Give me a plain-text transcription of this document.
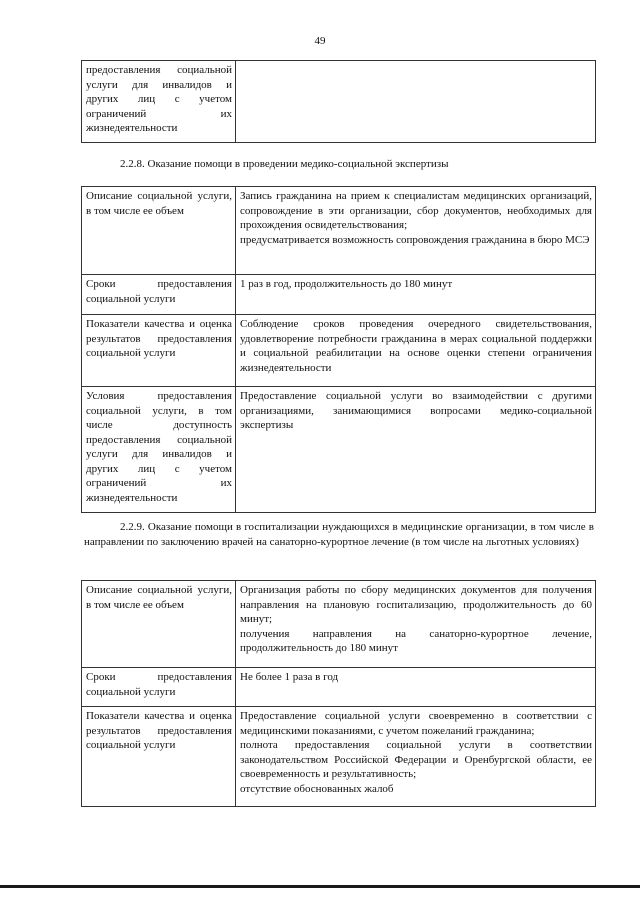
49
предоставления социальной услуги для инвалидов и других лиц с учетом ограничений их жизнедеятельности	
2.2.8. Оказание помощи в проведении медико-социальной экспертизы
Описание социальной услуги, в том числе ее объем	Запись гражданина на прием к специалистам медицинских организаций, сопровождение в эти организации, сбор документов, необходимых для прохождения освидетельствования;
предусматривается возможность сопровождения гражданина в бюро МСЭ

Сроки предоставления социальной услуги	1 раз в год, продолжительность до 180 минут

Показатели качества и оценка результатов предоставления социальной услуги	Соблюдение сроков проведения очередного свидетельствования, удовлетворение потребности гражданина в мерах социальной поддержки и социальной реабилитации на основе оценки степени ограничения жизнедеятельности

Условия предоставления социальной услуги, в том числе доступность предоставления социальной услуги для инвалидов и других лиц с учетом ограничений их жизнедеятельности	Предоставление социальной услуги во взаимодействии с другими организациями, занимающимися вопросами медико-социальной экспертизы
2.2.9. Оказание помощи в госпитализации нуждающихся в медицинские организации, в том числе в направлении по заключению врачей на санаторно-курортное лечение (в том числе на льготных условиях)
Описание социальной услуги, в том числе ее объем	Организация работы по сбору медицинских документов для получения направления на плановую госпитализацию, продолжительность до 60 минут;
получения направления на санаторно-курортное лечение, продолжительность до 180 минут

Сроки предоставления социальной услуги	Не более 1 раза в год

Показатели качества и оценка результатов предоставления социальной услуги	Предоставление социальной услуги своевременно в соответствии с медицинскими показаниями, с учетом пожеланий гражданина;
полнота предоставления социальной услуги в соответствии законодательством Российской Федерации и Оренбургской области, ее своевременность и результативность;
отсутствие обоснованных жалоб
